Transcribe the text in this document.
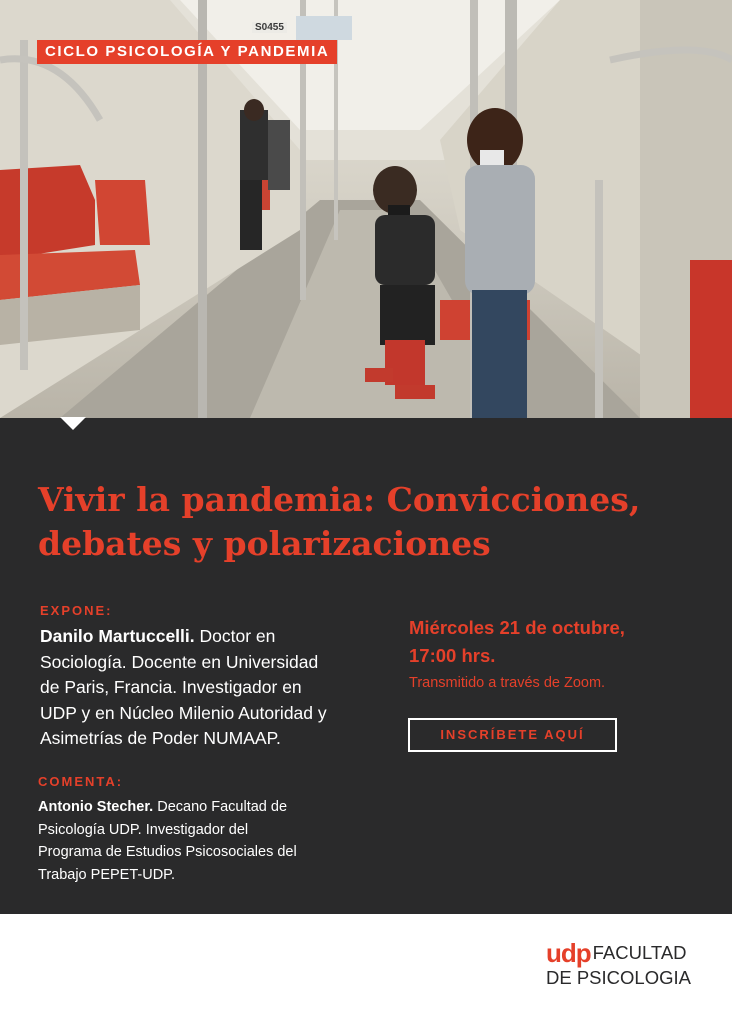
S0455
CICLO PSICOLOGÍA Y PANDEMIA
Vivir la pandemia: Convicciones,
debates y polarizaciones
EXPONE:
Danilo Martuccelli. Doctor en
Sociología. Docente en Universidad
de Paris, Francia. Investigador en
UDP y en Núcleo Milenio Autoridad y
Asimetrías de Poder NUMAAP.
COMENTA:
Antonio Stecher. Decano Facultad de
Psicología UDP. Investigador del
Programa de Estudios Psicosociales del
Trabajo PEPET-UDP.
Miércoles 21 de octubre,
17:00 hrs.
Transmitido a través de Zoom.
INSCRÍBETE AQUÍ
udp FACULTAD
DE PSICOLOGIA
